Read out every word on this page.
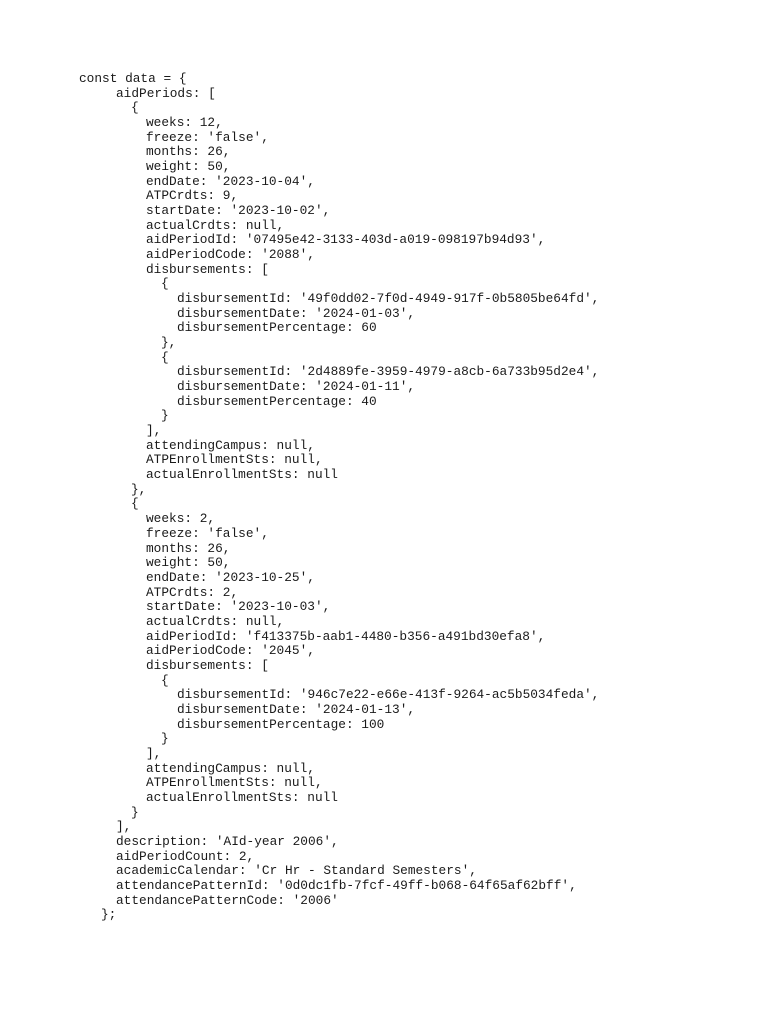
const data = {
aidPeriods: [
{
weeks: 12,
freeze: 'false',
months: 26,
weight: 50,
endDate: '2023-10-04',
ATPCrdts: 9,
startDate: '2023-10-02',
actualCrdts: null,
aidPeriodId: '07495e42-3133-403d-a019-098197b94d93',
aidPeriodCode: '2088',
disbursements: [
{
disbursementId: '49f0dd02-7f0d-4949-917f-0b5805be64fd',
disbursementDate: '2024-01-03',
disbursementPercentage: 60
},
{
disbursementId: '2d4889fe-3959-4979-a8cb-6a733b95d2e4',
disbursementDate: '2024-01-11',
disbursementPercentage: 40
}
],
attendingCampus: null,
ATPEnrollmentSts: null,
actualEnrollmentSts: null
},
{
weeks: 2,
freeze: 'false',
months: 26,
weight: 50,
endDate: '2023-10-25',
ATPCrdts: 2,
startDate: '2023-10-03',
actualCrdts: null,
aidPeriodId: 'f413375b-aab1-4480-b356-a491bd30efa8',
aidPeriodCode: '2045',
disbursements: [
{
disbursementId: '946c7e22-e66e-413f-9264-ac5b5034feda',
disbursementDate: '2024-01-13',
disbursementPercentage: 100
}
],
attendingCampus: null,
ATPEnrollmentSts: null,
actualEnrollmentSts: null
}
],
description: 'AId-year 2006',
aidPeriodCount: 2,
academicCalendar: 'Cr Hr - Standard Semesters',
attendancePatternId: '0d0dc1fb-7fcf-49ff-b068-64f65af62bff',
attendancePatternCode: '2006'
};
